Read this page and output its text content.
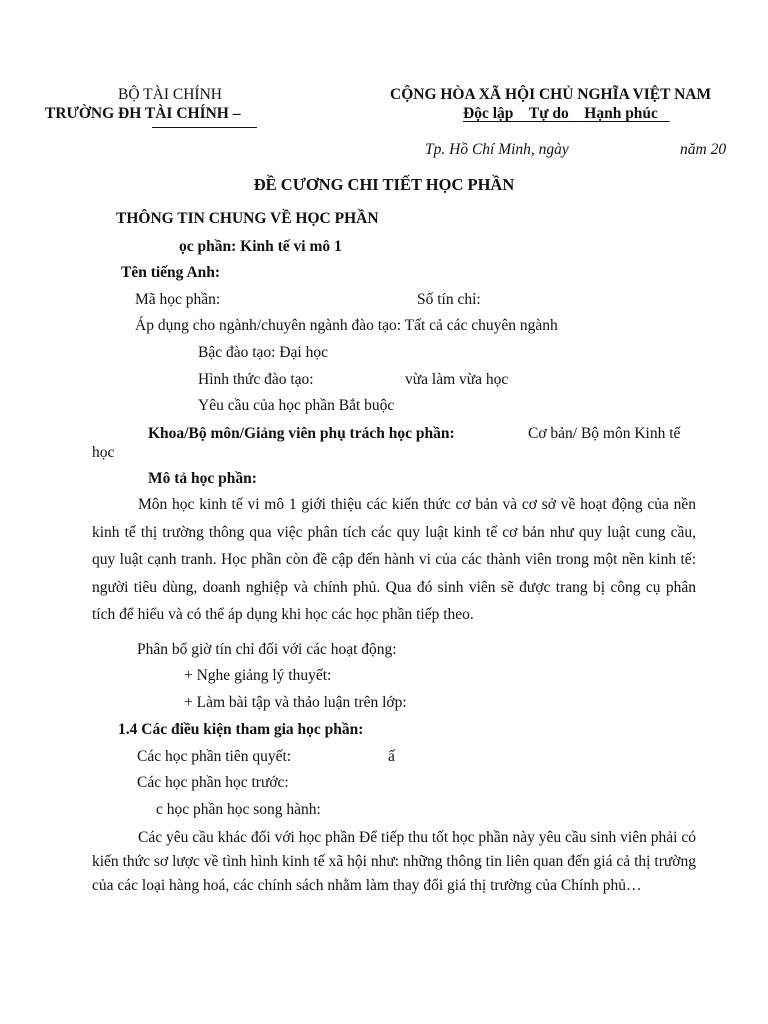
BỘ TÀI CHÍNH
TRƯỜNG ĐH TÀI CHÍNH –
CỘNG HÒA XÃ HỘI CHỦ NGHĨA VIỆT NAM
Độc lập Tự do Hạnh phúc
Tp. Hồ Chí Minh, ngày	năm 20
ĐỀ CƯƠNG CHI TIẾT HỌC PHẦN
THÔNG TIN CHUNG VỀ HỌC PHẦN
ọc phần: Kinh tế vi mô 1
Tên tiếng Anh:
Mã học phần:	Số tín chỉ:
Áp dụng cho ngành/chuyên ngành đào tạo: Tất cả các chuyên ngành
Bậc đào tạo: Đại học
Hình thức đào tạo:	vừa làm vừa học
Yêu cầu của học phần Bắt buộc
Khoa/Bộ môn/Giảng viên phụ trách học phần:	Cơ bản/ Bộ môn Kinh tế
học
Mô tả học phần:
Môn học kinh tế vi mô 1 giới thiệu các kiến thức cơ bản và cơ sở về hoạt động của nền kinh tế thị trường thông qua việc phân tích các quy luật kinh tế cơ bản như quy luật cung cầu, quy luật cạnh tranh. Học phần còn đề cập đến hành vi của các thành viên trong một nền kinh tế: người tiêu dùng, doanh nghiệp và chính phủ. Qua đó sinh viên sẽ được trang bị công cụ phân tích để hiểu và có thể áp dụng khi học các học phần tiếp theo.
Phân bổ giờ tín chỉ đối với các hoạt động:
+ Nghe giảng lý thuyết:
+ Làm bài tập và thảo luận trên lớp:
1.4 Các điều kiện tham gia học phần:
Các học phần tiên quyết:	ấ
Các học phần học trước:
c học phần học song hành:
Các yêu cầu khác đối với học phần Để tiếp thu tốt học phần này yêu cầu sinh viên phải có kiến thức sơ lược về tình hình kinh tế xã hội như: những thông tin liên quan đến giá cả thị trường của các loại hàng hoá, các chính sách nhằm làm thay đổi giá thị trường của Chính phủ…
